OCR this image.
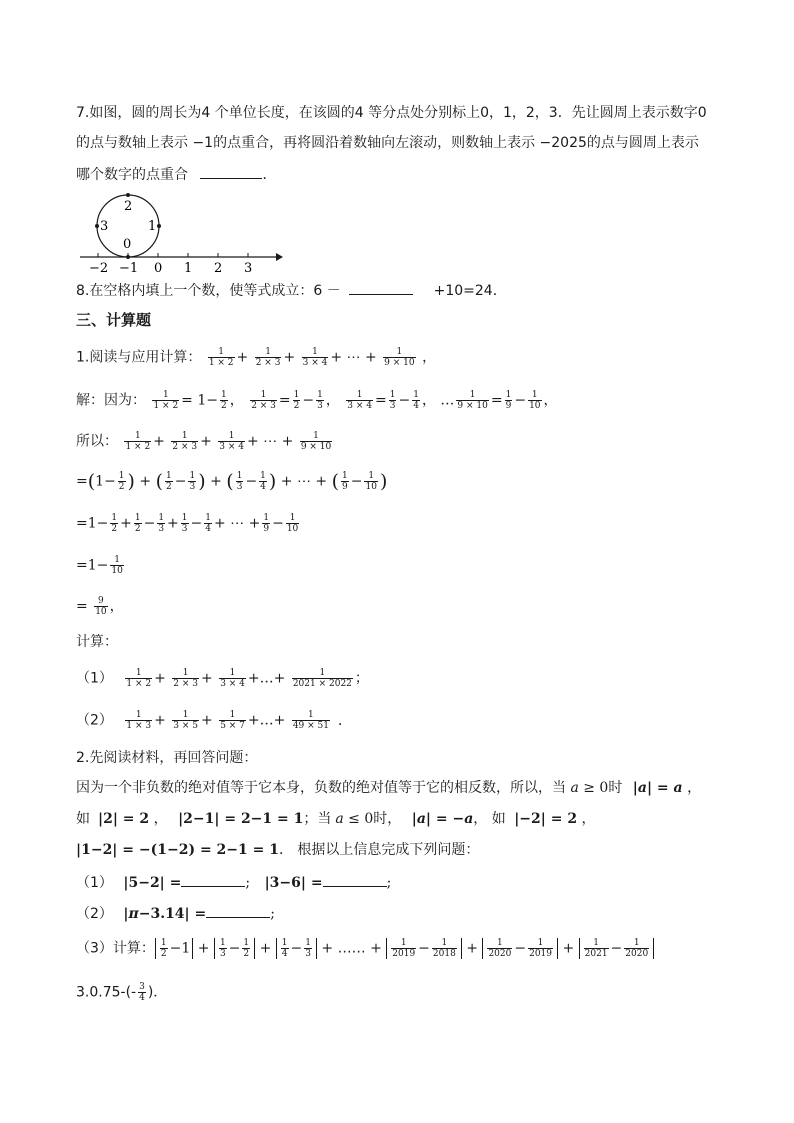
7.如图，圆的周长为4 个单位长度，在该圆的4 等分点处分别标上0，1，2，3．先让圆周上表示数字0
的点与数轴上表示 −1的点重合，再将圆沿着数轴向左滚动，则数轴上表示 −2025的点与圆周上表示
哪个数字的点重合	．
2
3	1
0
−2 −1 0 1 2 3
8.在空格内填上一个数，使等式成立：6 －	+10=24．
三、计算题
1.阅读与应用计算： $\frac{1}{1 \times 2} + \frac{1}{2 \times 3} + \frac{1}{3 \times 4}$ + ⋯ + $\frac{1}{9 \times 10}$ ，
解：因为： $\frac{1}{1 \times 2} = 1- \frac{1}{2}$ ， $\frac{1}{2 \times 3} = \frac{1}{2} - \frac{1}{3}$ ， $\frac{1}{3 \times 4} = \frac{1}{3} - \frac{1}{4}$ ， … $\frac{1}{9 \times 10} = \frac{1}{9} - \frac{1}{10}$ ，
所以： $\frac{1}{1 \times 2} + \frac{1}{2 \times 3} + \frac{1}{3 \times 4}$ + ⋯ + $\frac{1}{9 \times 10}$
$=(1- \frac{1}{2}$ ) + ( $\frac{1}{2} - \frac{1}{3}$ ) + ( $\frac{1}{3} - \frac{1}{4}$ ) + ⋯ + ( $\frac{1}{9} - \frac{1}{10}$ )
$=1- \frac{1}{2} + \frac{1}{2} - \frac{1}{3} + \frac{1}{3} - \frac{1}{4}$ + ⋯ + $\frac{1}{9} - \frac{1}{10}$
$=1- \frac{1}{10}$
= $\frac{9}{10}$ ，
计算：
$(1) \frac{1}{1 \times 2} + \frac{1}{2 \times 3} + \frac{1}{3 \times 4}$ +…+ $\frac{1}{2021 \times 2022}$ ；
$(2) \frac{1}{1 \times 3} + \frac{1}{3 \times 5} + \frac{1}{5 \times 7}$ +…+ $\frac{1}{49 \times 51}$ ．
2.先阅读材料，再回答问题：
因为一个非负数的绝对值等于它本身，负数的绝对值等于它的相反数，所以，当 a ≥ 0时 |a| = a ，
如 |2| = 2 ， |2−1| = 2−1 = 1；当 a ≤ 0时， |a| = −a， 如 |−2| = 2 ，
|1−2| = −(1−2) = 2−1 = 1． 根据以上信息完成下列问题：
（1） |5−2| =	; |3−6| =	;
（2） |π−3.14| =	;
（3）计算： $\frac{1}{2} -1 + \frac{1}{3} - \frac{1}{2} + \frac{1}{4} - \frac{1}{3}$ + …… + $\frac{1}{2019} - \frac{1}{2018} + \frac{1}{2020} - \frac{1}{2019} + \frac{1}{2021} - \frac{1}{2020}$
$3.0.75-(- \frac{3}{4}$ )．
